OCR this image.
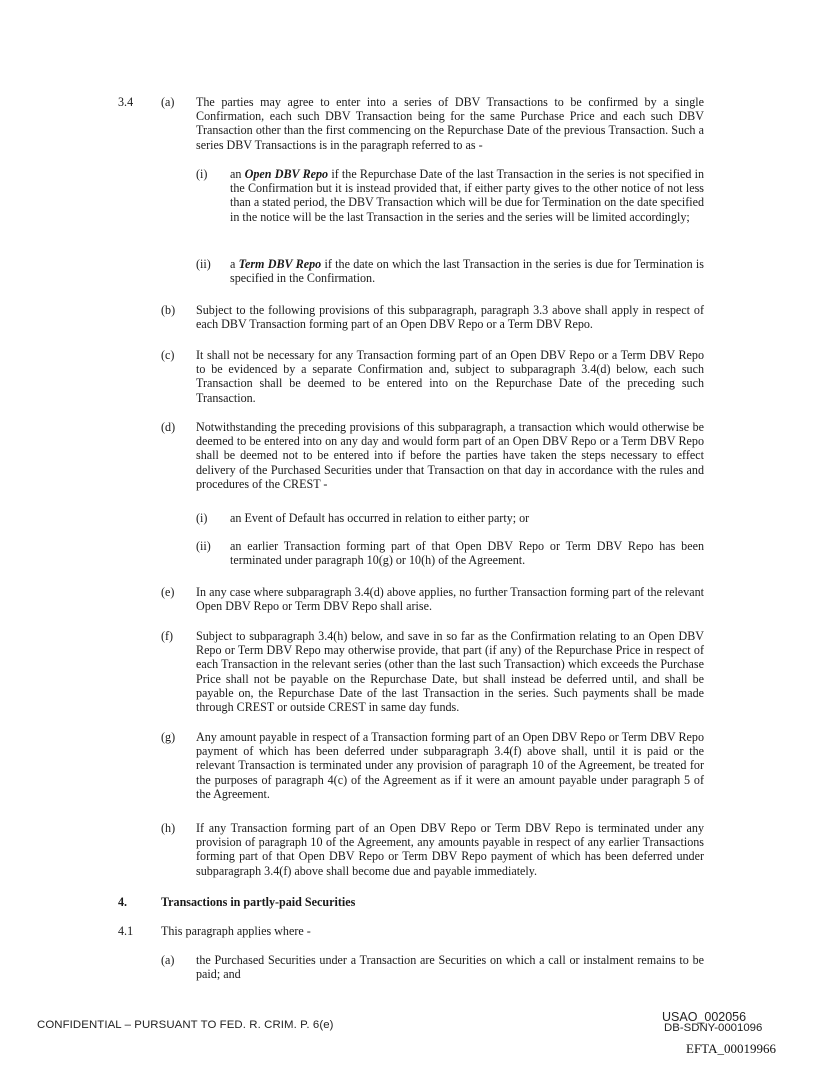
3.4 (a) The parties may agree to enter into a series of DBV Transactions to be confirmed by a single Confirmation, each such DBV Transaction being for the same Purchase Price and each such DBV Transaction other than the first commencing on the Repurchase Date of the previous Transaction. Such a series DBV Transactions is in the paragraph referred to as -

(i) an Open DBV Repo if the Repurchase Date of the last Transaction in the series is not specified in the Confirmation but it is instead provided that, if either party gives to the other notice of not less than a stated period, the DBV Transaction which will be due for Termination on the date specified in the notice will be the last Transaction in the series and the series will be limited accordingly;

(ii) a Term DBV Repo if the date on which the last Transaction in the series is due for Termination is specified in the Confirmation.

(b) Subject to the following provisions of this subparagraph, paragraph 3.3 above shall apply in respect of each DBV Transaction forming part of an Open DBV Repo or a Term DBV Repo.

(c) It shall not be necessary for any Transaction forming part of an Open DBV Repo or a Term DBV Repo to be evidenced by a separate Confirmation and, subject to subparagraph 3.4(d) below, each such Transaction shall be deemed to be entered into on the Repurchase Date of the preceding such Transaction.

(d) Notwithstanding the preceding provisions of this subparagraph, a transaction which would otherwise be deemed to be entered into on any day and would form part of an Open DBV Repo or a Term DBV Repo shall be deemed not to be entered into if before the parties have taken the steps necessary to effect delivery of the Purchased Securities under that Transaction on that day in accordance with the rules and procedures of the CREST -

(i) an Event of Default has occurred in relation to either party; or

(ii) an earlier Transaction forming part of that Open DBV Repo or Term DBV Repo has been terminated under paragraph 10(g) or 10(h) of the Agreement.

(e) In any case where subparagraph 3.4(d) above applies, no further Transaction forming part of the relevant Open DBV Repo or Term DBV Repo shall arise.

(f) Subject to subparagraph 3.4(h) below, and save in so far as the Confirmation relating to an Open DBV Repo or Term DBV Repo may otherwise provide, that part (if any) of the Repurchase Price in respect of each Transaction in the relevant series (other than the last such Transaction) which exceeds the Purchase Price shall not be payable on the Repurchase Date, but shall instead be deferred until, and shall be payable on, the Repurchase Date of the last Transaction in the series. Such payments shall be made through CREST or outside CREST in same day funds.

(g) Any amount payable in respect of a Transaction forming part of an Open DBV Repo or Term DBV Repo payment of which has been deferred under subparagraph 3.4(f) above shall, until it is paid or the relevant Transaction is terminated under any provision of paragraph 10 of the Agreement, be treated for the purposes of paragraph 4(c) of the Agreement as if it were an amount payable under paragraph 5 of the Agreement.

(h) If any Transaction forming part of an Open DBV Repo or Term DBV Repo is terminated under any provision of paragraph 10 of the Agreement, any amounts payable in respect of any earlier Transactions forming part of that Open DBV Repo or Term DBV Repo payment of which has been deferred under subparagraph 3.4(f) above shall become due and payable immediately.

4.	Transactions in partly-paid Securities
4.1 This paragraph applies where -
(a) the Purchased Securities under a Transaction are Securities on which a call or instalment remains to be paid; and

CONFIDENTIAL – PURSUANT TO FED. R. CRIM. P. 6(e)
USAO_002056
DB-SDNY-0001096
EFTA_00019966
